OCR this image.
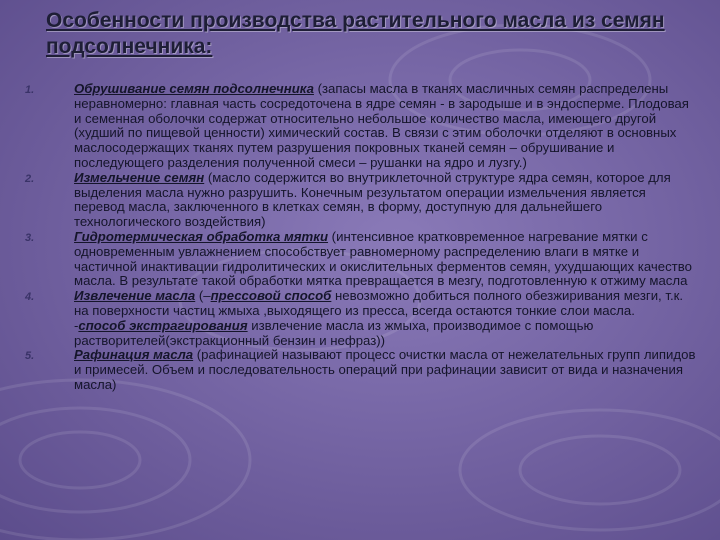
Особенности производства растительного масла из семян подсолнечника:
1.	Обрушивание семян подсолнечника (запасы масла в тканях масличных семян распределены неравномерно: главная часть сосредоточена в ядре семян - в зародыше и в эндосперме. Плодовая и семенная оболочки содержат относительно небольшое количество масла, имеющего другой (худший по пищевой ценности) химический состав. В связи с этим оболочки отделяют в основных маслосодержащих тканях путем разрушения покровных тканей семян – обрушивание и последующего разделения полученной смеси – рушанки на ядро и лузгу.)
2.	Измельчение семян (масло содержится во внутриклеточной структуре ядра семян, которое для выделения масла нужно разрушить. Конечным результатом операции измельчения является перевод масла, заключенного в клетках семян, в форму, доступную для дальнейшего технологического воздействия)
3.	Гидротермическая обработка мятки (интенсивное кратковременное нагревание мятки с одновременным увлажнением способствует равномерному распределению влаги в мятке и частичной инактивации гидролитических и окислительных ферментов семян, ухудшающих качество масла. В результате такой обработки мятка превращается в мезгу, подготовленную к отжиму масла
4.	Извлечение масла (–прессовой способ невозможно добиться полного обезжиривания мезги, т.к. на поверхности частиц жмыха ,выходящего из пресса, всегда остаются тонкие слои масла.
-способ экстрагирования извлечение масла из жмыха, производимое с помощью растворителей(экстракционный бензин и нефраз))
5.	Рафинация масла (рафинацией называют процесс очистки масла от нежелательных групп липидов и примесей. Объем и последовательность операций при рафинации зависит от вида и назначения масла)
